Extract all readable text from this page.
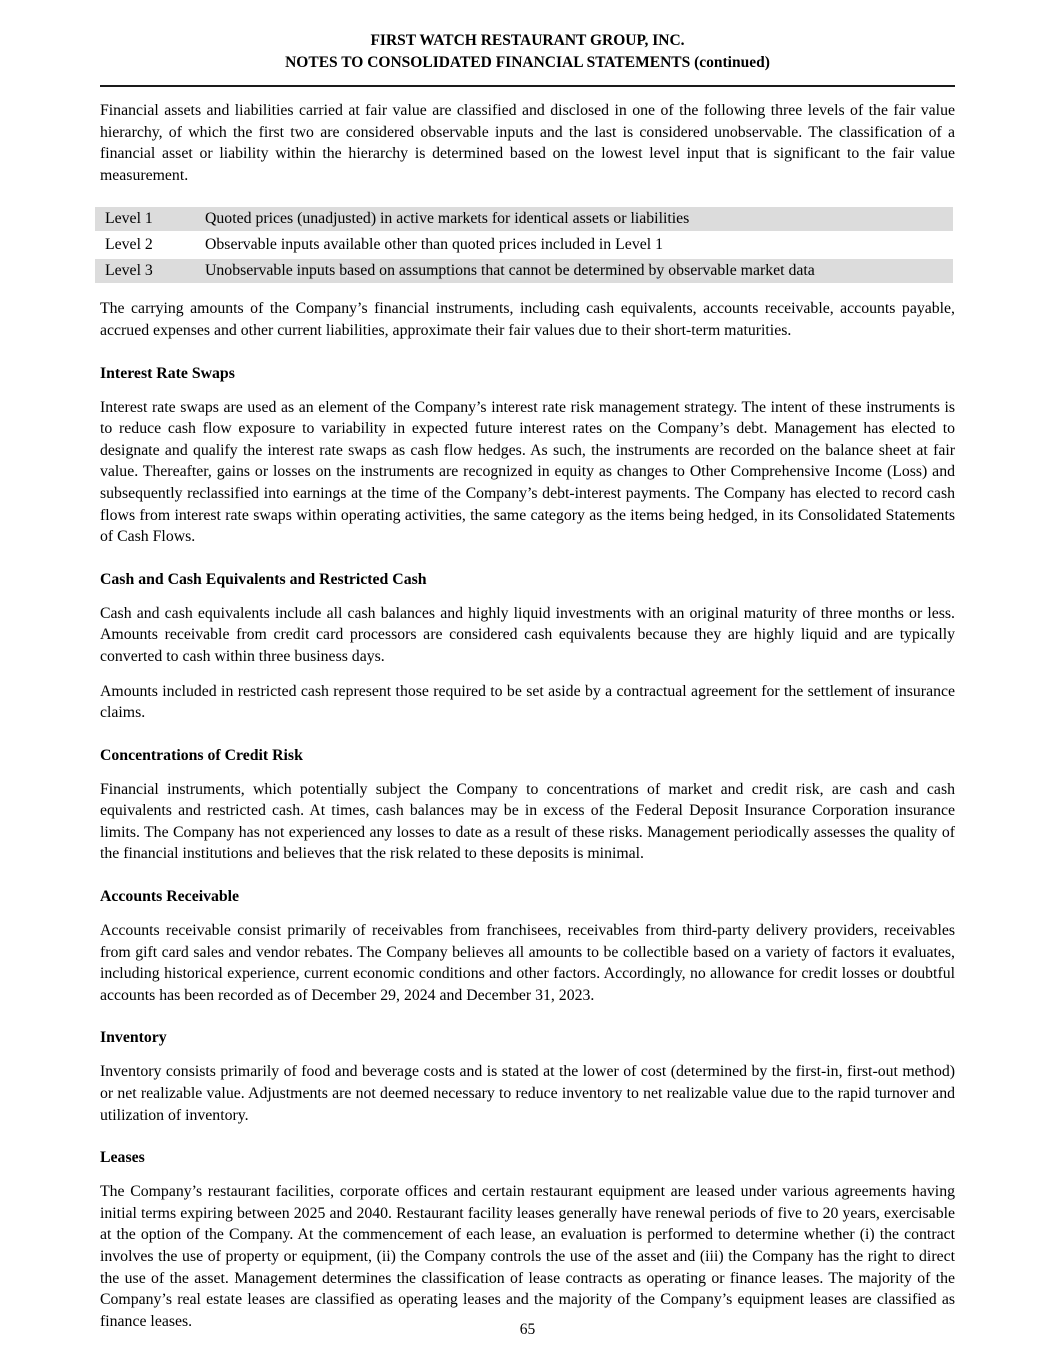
FIRST WATCH RESTAURANT GROUP, INC.
NOTES TO CONSOLIDATED FINANCIAL STATEMENTS (continued)

Financial assets and liabilities carried at fair value are classified and disclosed in one of the following three levels of the fair value hierarchy, of which the first two are considered observable inputs and the last is considered unobservable. The classification of a financial asset or liability within the hierarchy is determined based on the lowest level input that is significant to the fair value measurement.

Level 1	Quoted prices (unadjusted) in active markets for identical assets or liabilities
Level 2	Observable inputs available other than quoted prices included in Level 1
Level 3	Unobservable inputs based on assumptions that cannot be determined by observable market data

The carrying amounts of the Company’s financial instruments, including cash equivalents, accounts receivable, accounts payable, accrued expenses and other current liabilities, approximate their fair values due to their short-term maturities.

Interest Rate Swaps

Interest rate swaps are used as an element of the Company’s interest rate risk management strategy. The intent of these instruments is to reduce cash flow exposure to variability in expected future interest rates on the Company’s debt. Management has elected to designate and qualify the interest rate swaps as cash flow hedges. As such, the instruments are recorded on the balance sheet at fair value. Thereafter, gains or losses on the instruments are recognized in equity as changes to Other Comprehensive Income (Loss) and subsequently reclassified into earnings at the time of the Company’s debt-interest payments. The Company has elected to record cash flows from interest rate swaps within operating activities, the same category as the items being hedged, in its Consolidated Statements of Cash Flows.

Cash and Cash Equivalents and Restricted Cash

Cash and cash equivalents include all cash balances and highly liquid investments with an original maturity of three months or less. Amounts receivable from credit card processors are considered cash equivalents because they are highly liquid and are typically converted to cash within three business days.

Amounts included in restricted cash represent those required to be set aside by a contractual agreement for the settlement of insurance claims.

Concentrations of Credit Risk

Financial instruments, which potentially subject the Company to concentrations of market and credit risk, are cash and cash equivalents and restricted cash. At times, cash balances may be in excess of the Federal Deposit Insurance Corporation insurance limits. The Company has not experienced any losses to date as a result of these risks. Management periodically assesses the quality of the financial institutions and believes that the risk related to these deposits is minimal.

Accounts Receivable

Accounts receivable consist primarily of receivables from franchisees, receivables from third-party delivery providers, receivables from gift card sales and vendor rebates. The Company believes all amounts to be collectible based on a variety of factors it evaluates, including historical experience, current economic conditions and other factors. Accordingly, no allowance for credit losses or doubtful accounts has been recorded as of December 29, 2024 and December 31, 2023.

Inventory

Inventory consists primarily of food and beverage costs and is stated at the lower of cost (determined by the first-in, first-out method) or net realizable value. Adjustments are not deemed necessary to reduce inventory to net realizable value due to the rapid turnover and utilization of inventory.

Leases

The Company’s restaurant facilities, corporate offices and certain restaurant equipment are leased under various agreements having initial terms expiring between 2025 and 2040. Restaurant facility leases generally have renewal periods of five to 20 years, exercisable at the option of the Company. At the commencement of each lease, an evaluation is performed to determine whether (i) the contract involves the use of property or equipment, (ii) the Company controls the use of the asset and (iii) the Company has the right to direct the use of the asset. Management determines the classification of lease contracts as operating or finance leases. The majority of the Company’s real estate leases are classified as operating leases and the majority of the Company’s equipment leases are classified as finance leases.	65
